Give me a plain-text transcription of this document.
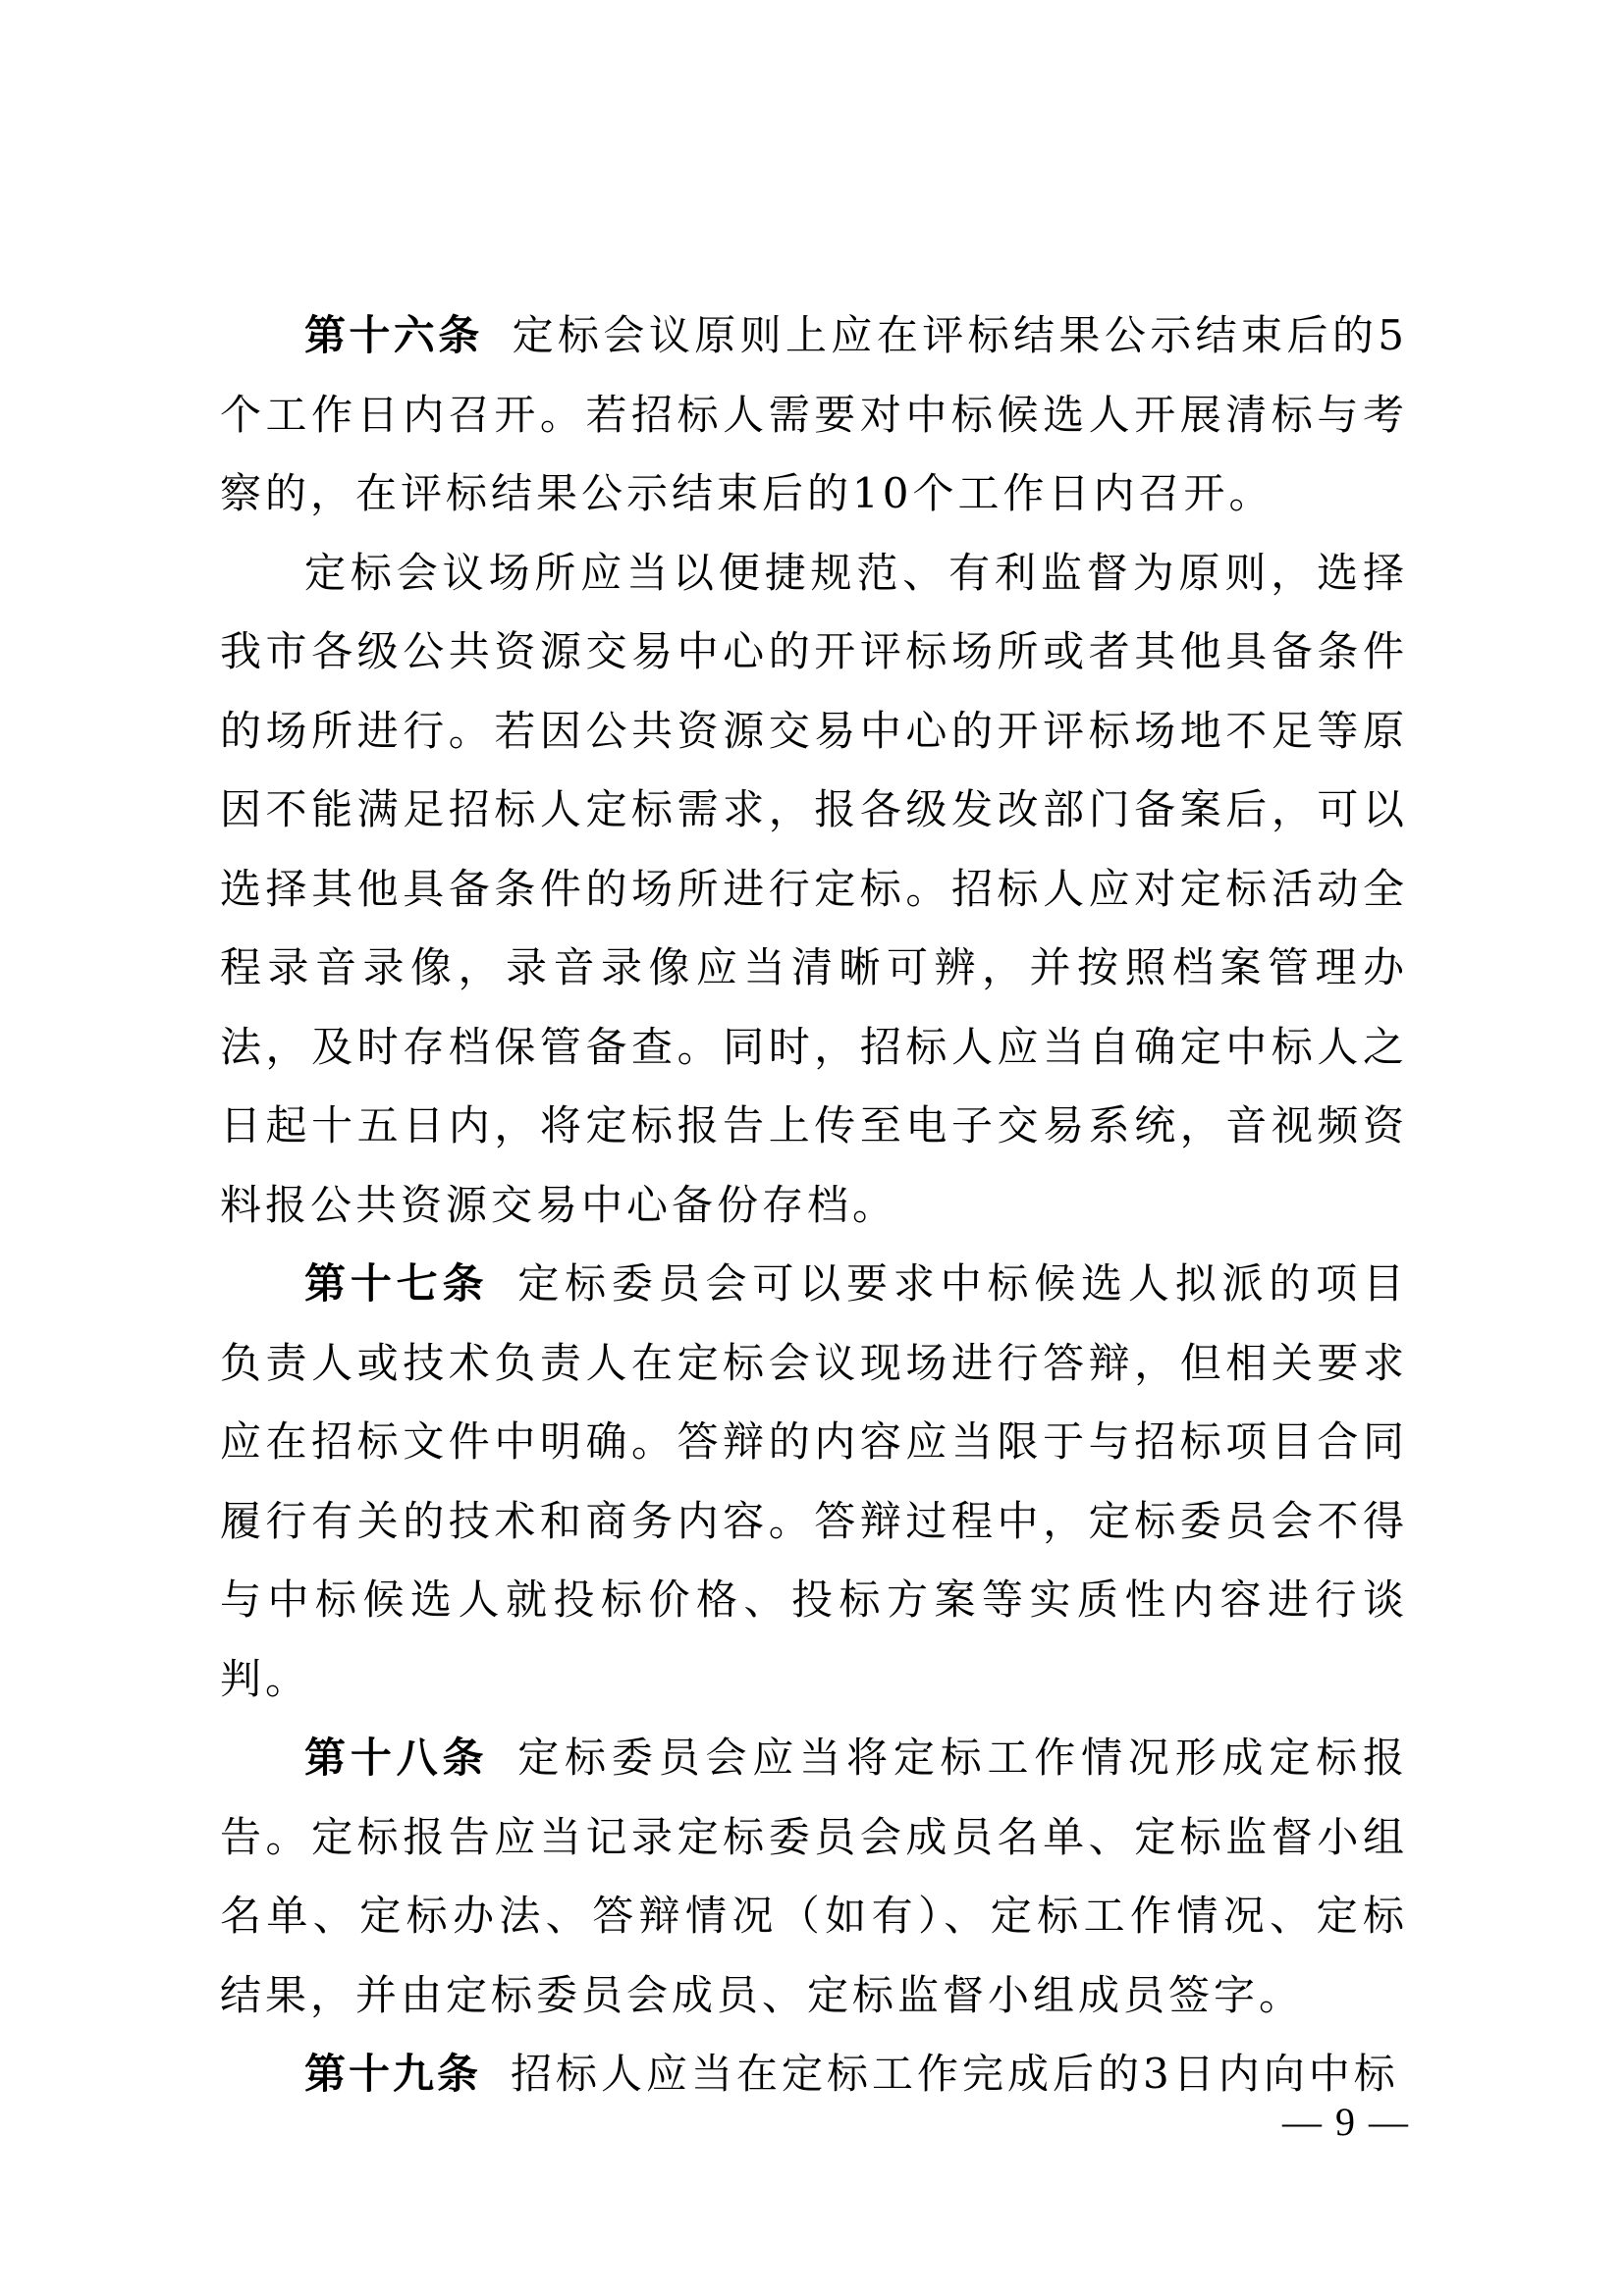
第十六条 定标会议原则上应在评标结果公示结束后的5个工作日内召开。若招标人需要对中标候选人开展清标与考察的，在评标结果公示结束后的10个工作日内召开。

定标会议场所应当以便捷规范、有利监督为原则，选择我市各级公共资源交易中心的开评标场所或者其他具备条件的场所进行。若因公共资源交易中心的开评标场地不足等原因不能满足招标人定标需求，报各级发改部门备案后，可以选择其他具备条件的场所进行定标。招标人应对定标活动全程录音录像，录音录像应当清晰可辨，并按照档案管理办法，及时存档保管备查。同时，招标人应当自确定中标人之日起十五日内，将定标报告上传至电子交易系统，音视频资料报公共资源交易中心备份存档。

第十七条 定标委员会可以要求中标候选人拟派的项目负责人或技术负责人在定标会议现场进行答辩，但相关要求应在招标文件中明确。答辩的内容应当限于与招标项目合同履行有关的技术和商务内容。答辩过程中，定标委员会不得与中标候选人就投标价格、投标方案等实质性内容进行谈判。

第十八条 定标委员会应当将定标工作情况形成定标报告。定标报告应当记录定标委员会成员名单、定标监督小组名单、定标办法、答辩情况（如有）、定标工作情况、定标结果，并由定标委员会成员、定标监督小组成员签字。

第十九条 招标人应当在定标工作完成后的3日内向中标

— 9 —
